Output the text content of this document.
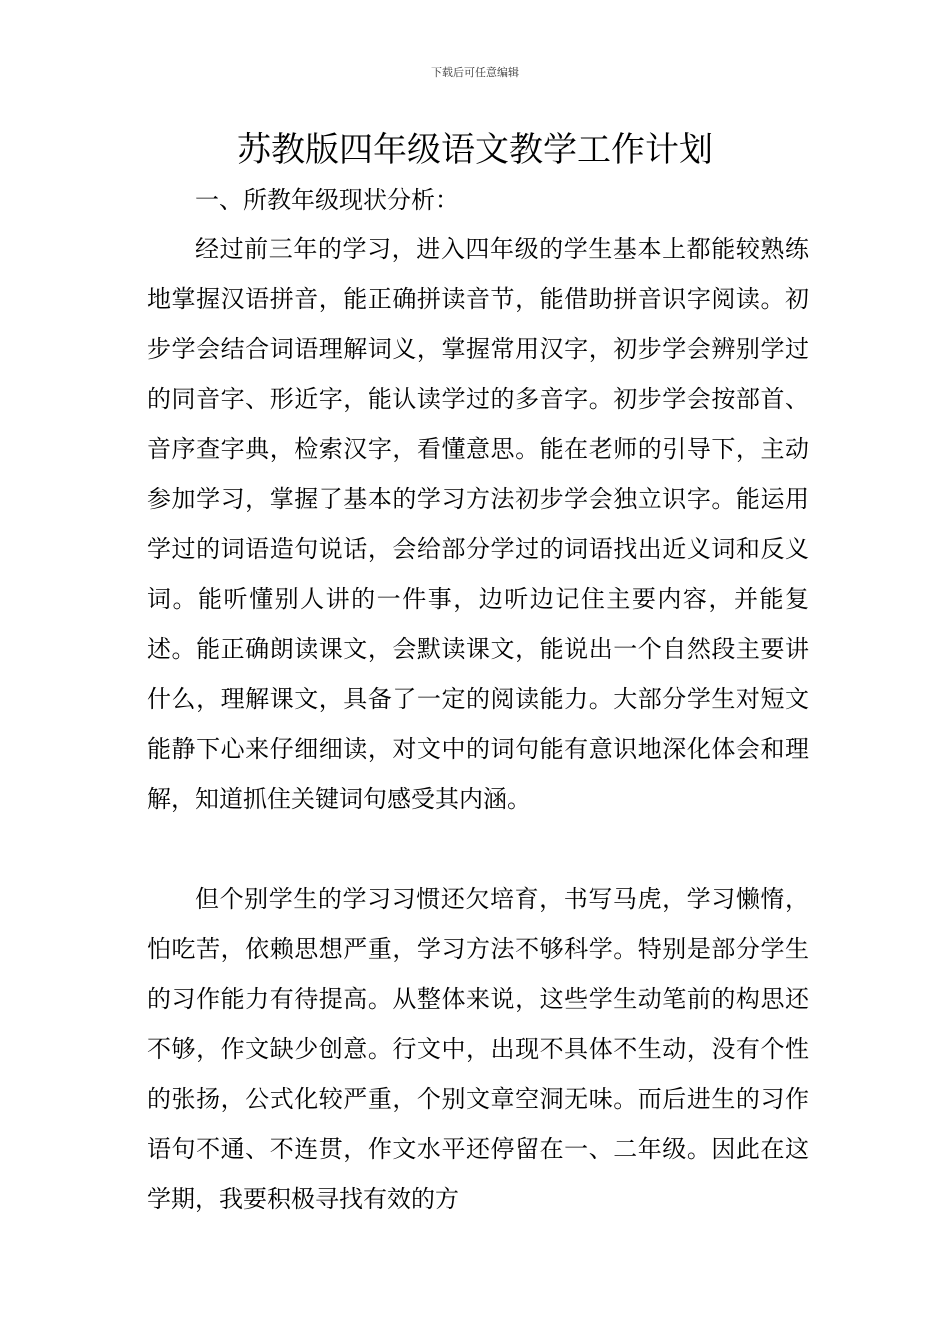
下载后可任意编辑
苏教版四年级语文教学工作计划

一、所教年级现状分析：

经过前三年的学习，进入四年级的学生基本上都能较熟练地掌握汉语拼音，能正确拼读音节，能借助拼音识字阅读。初步学会结合词语理解词义，掌握常用汉字，初步学会辨别学过的同音字、形近字，能认读学过的多音字。初步学会按部首、音序查字典，检索汉字，看懂意思。能在老师的引导下，主动参加学习，掌握了基本的学习方法初步学会独立识字。能运用学过的词语造句说话，会给部分学过的词语找出近义词和反义词。能听懂别人讲的一件事，边听边记住主要内容，并能复述。能正确朗读课文，会默读课文，能说出一个自然段主要讲什么，理解课文，具备了一定的阅读能力。大部分学生对短文能静下心来仔细细读，对文中的词句能有意识地深化体会和理解，知道抓住关键词句感受其内涵。

但个别学生的学习习惯还欠培育，书写马虎，学习懒惰，怕吃苦，依赖思想严重，学习方法不够科学。特别是部分学生的习作能力有待提高。从整体来说，这些学生动笔前的构思还不够，作文缺少创意。行文中，出现不具体不生动，没有个性的张扬，公式化较严重，个别文章空洞无味。而后进生的习作语句不通、不连贯，作文水平还停留在一、二年级。因此在这学期，我要积极寻找有效的方
